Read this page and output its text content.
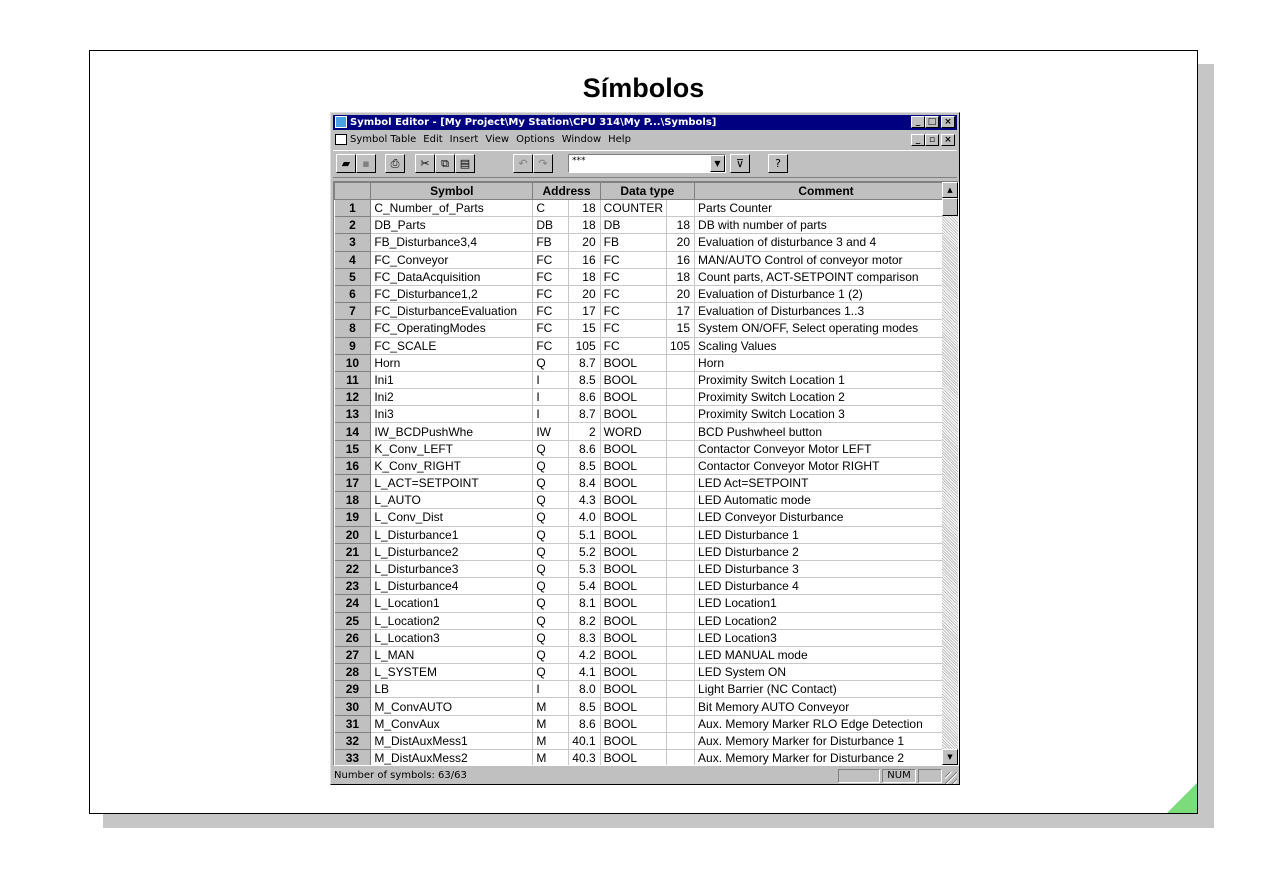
Símbolos
Symbol Editor - [My Project\My Station\CPU 314\My P...\Symbols]	_ □ ×
Symbol Table Edit Insert View Options Window Help	_ ▫	×
▰	▪	⎙	✂	⧉ ▤	↶ ↷	***	▼	⊽	?
	Symbol	Address		Data type		Comment
1	C_Number_of_Parts	C	18	COUNTER		Parts Counter
2	DB_Parts	DB	18	DB	18	DB with number of parts
3	FB_Disturbance3,4	FB	20	FB	20	Evaluation of disturbance 3 and 4
4	FC_Conveyor	FC	16	FC	16	MAN/AUTO Control of conveyor motor
5	FC_DataAcquisition	FC	18	FC	18	Count parts, ACT-SETPOINT comparison
6	FC_Disturbance1,2	FC	20	FC	20	Evaluation of Disturbance 1 (2)
7	FC_DisturbanceEvaluation	FC	17	FC	17	Evaluation of Disturbances 1..3
8	FC_OperatingModes	FC	15	FC	15	System ON/OFF, Select operating modes
9	FC_SCALE	FC	105	FC	105	Scaling Values
10	Horn	Q	8.7	BOOL		Horn
11	Ini1	I	8.5	BOOL		Proximity Switch Location 1
12	Ini2	I	8.6	BOOL		Proximity Switch Location 2
13	Ini3	I	8.7	BOOL		Proximity Switch Location 3
14	IW_BCDPushWhe	IW	2	WORD		BCD Pushwheel button
15	K_Conv_LEFT	Q	8.6	BOOL		Contactor Conveyor Motor LEFT
16	K_Conv_RIGHT	Q	8.5	BOOL		Contactor Conveyor Motor RIGHT
17	L_ACT=SETPOINT	Q	8.4	BOOL		LED Act=SETPOINT
18	L_AUTO	Q	4.3	BOOL		LED Automatic mode
19	L_Conv_Dist	Q	4.0	BOOL		LED Conveyor Disturbance
20	L_Disturbance1	Q	5.1	BOOL		LED Disturbance 1
21	L_Disturbance2	Q	5.2	BOOL		LED Disturbance 2
22	L_Disturbance3	Q	5.3	BOOL		LED Disturbance 3
23	L_Disturbance4	Q	5.4	BOOL		LED Disturbance 4
24	L_Location1	Q	8.1	BOOL		LED Location1
25	L_Location2	Q	8.2	BOOL		LED Location2
26	L_Location3	Q	8.3	BOOL		LED Location3
27	L_MAN	Q	4.2	BOOL		LED MANUAL mode
28	L_SYSTEM	Q	4.1	BOOL		LED System ON
29	LB	I	8.0	BOOL		Light Barrier (NC Contact)
30	M_ConvAUTO	M	8.5	BOOL		Bit Memory AUTO Conveyor
31	M_ConvAux	M	8.6	BOOL		Aux. Memory Marker RLO Edge Detection
32	M_DistAuxMess1	M	40.1	BOOL		Aux. Memory Marker for Disturbance 1
33	M_DistAuxMess2	M	40.3	BOOL		Aux. Memory Marker for Disturbance 2
▲
▼
Number of symbols: 63/63	NUM
